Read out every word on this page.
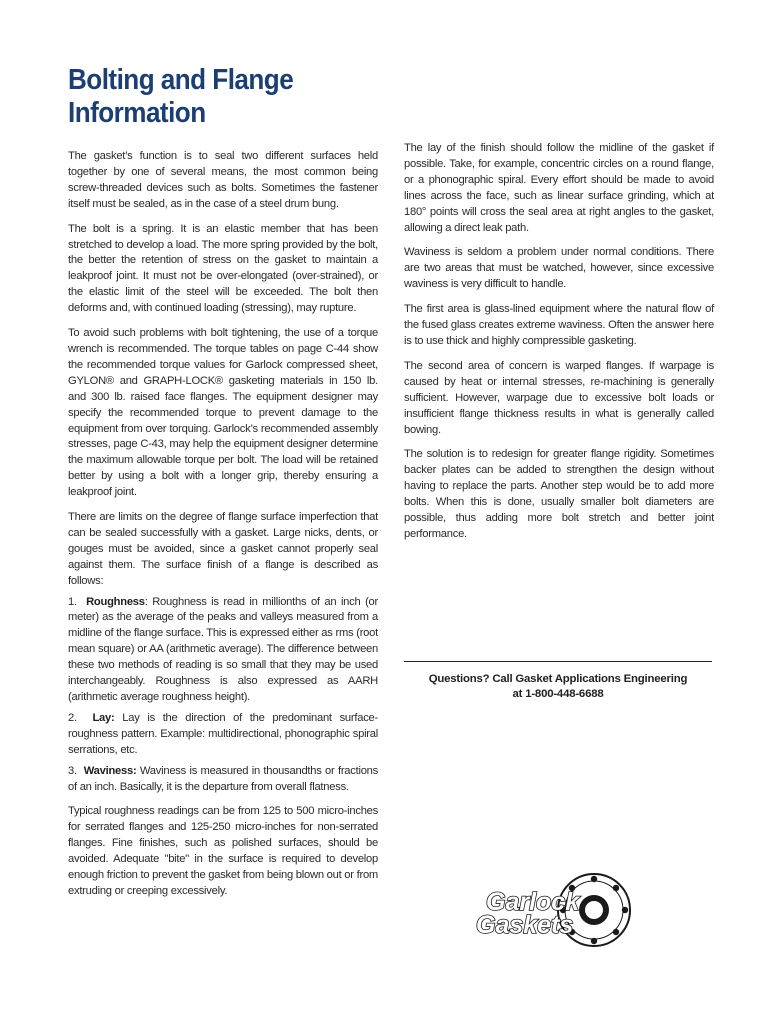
Bolting and Flange Information

The gasket’s function is to seal two different surfaces held together by one of several means, the most common being screw-threaded devices such as bolts. Sometimes the fastener itself must be sealed, as in the case of a steel drum bung.

The bolt is a spring. It is an elastic member that has been stretched to develop a load. The more spring provided by the bolt, the better the retention of stress on the gasket to maintain a leakproof joint. It must not be over-elongated (over-strained), or the elastic limit of the steel will be exceeded. The bolt then deforms and, with continued loading (stressing), may rupture.

To avoid such problems with bolt tightening, the use of a torque wrench is recommended. The torque tables on page C-44 show the recommended torque values for Garlock compressed sheet, GYLON® and GRAPH-LOCK® gasketing materials in 150 lb. and 300 lb. raised face flanges. The equipment designer may specify the recommended torque to prevent damage to the equipment from over torquing. Garlock’s recommended assembly stresses, page C-43, may help the equipment designer determine the maximum allowable torque per bolt. The load will be retained better by using a bolt with a longer grip, thereby ensuring a leakproof joint.

There are limits on the degree of flange surface imperfection that can be sealed successfully with a gasket. Large nicks, dents, or gouges must be avoided, since a gasket cannot properly seal against them. The surface finish of a flange is described as follows:

1. Roughness: Roughness is read in millionths of an inch (or meter) as the average of the peaks and valleys measured from a midline of the flange surface. This is expressed either as rms (root mean square) or AA (arithmetic average). The difference between these two methods of reading is so small that they may be used interchangeably. Roughness is also expressed as AARH (arithmetic average roughness height).

2. Lay: Lay is the direction of the predominant surface-roughness pattern. Example: multidirectional, phonographic spiral serrations, etc.

3. Waviness: Waviness is measured in thousandths or fractions of an inch. Basically, it is the departure from overall flatness.

Typical roughness readings can be from 125 to 500 micro-inches for serrated flanges and 125-250 micro-inches for non-serrated flanges. Fine finishes, such as polished surfaces, should be avoided. Adequate "bite" in the surface is required to develop enough friction to prevent the gasket from being blown out or from extruding or creeping excessively.

The lay of the finish should follow the midline of the gasket if possible. Take, for example, concentric circles on a round flange, or a phonographic spiral. Every effort should be made to avoid lines across the face, such as linear surface grinding, which at 180° points will cross the seal area at right angles to the gasket, allowing a direct leak path.

Waviness is seldom a problem under normal conditions. There are two areas that must be watched, however, since excessive waviness is very difficult to handle.

The first area is glass-lined equipment where the natural flow of the fused glass creates extreme waviness. Often the answer here is to use thick and highly compressible gasketing.

The second area of concern is warped flanges. If warpage is caused by heat or internal stresses, re-machining is generally sufficient. However, warpage due to excessive bolt loads or insufficient flange thickness results in what is generally called bowing.

The solution is to redesign for greater flange rigidity. Sometimes backer plates can be added to strengthen the design without having to replace the parts. Another step would be to add more bolts. When this is done, usually smaller bolt diameters are possible, thus adding more bolt stretch and better joint performance.

Questions? Call Gasket Applications Engineering
at 1-800-448-6688
Garlock
Gaskets
